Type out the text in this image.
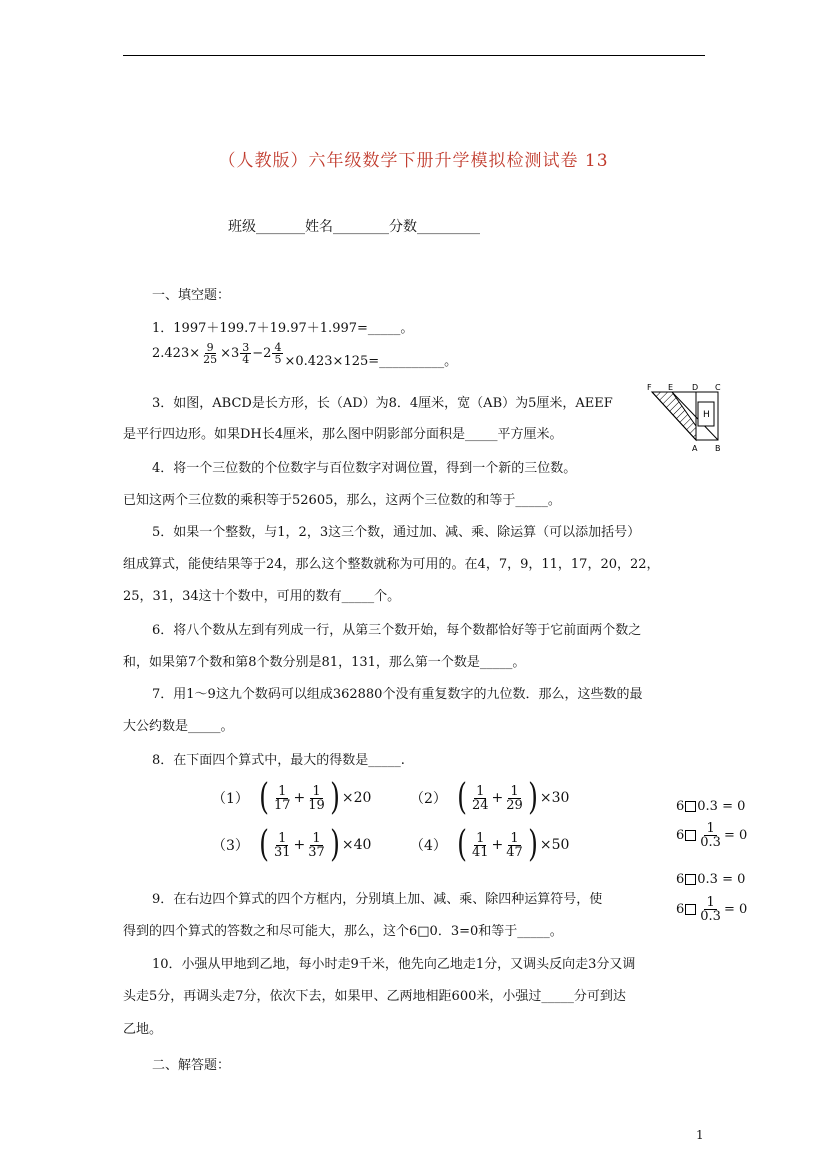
（人教版）六年级数学下册升学模拟检测试卷 13
班级_______姓名________分数_________
一、填空题：
1．1997＋199.7＋19.97＋1.997=_____。
$2.423\times \frac{9}{25} \times 3 \frac{3}{4} -2 \frac{4}{5}$ ×0.423×125=__________。
3．如图，ABCD是长方形，长（AD）为8．4厘米，宽（AB）为5厘米，AEEF
是平行四边形。如果DH长4厘米，那么图中阴影部分面积是_____平方厘米。
F E D C
H
A B
4．将一个三位数的个位数字与百位数字对调位置，得到一个新的三位数。
已知这两个三位数的乘积等于52605，那么，这两个三位数的和等于_____。
5．如果一个整数，与1，2，3这三个数，通过加、减、乘、除运算（可以添加括号）
组成算式，能使结果等于24，那么这个整数就称为可用的。在4，7，9，11，17，20，22，
25，31，34这十个数中，可用的数有_____个。
6．将八个数从左到有列成一行，从第三个数开始，每个数都恰好等于它前面两个数之
和，如果第7个数和第8个数分别是81，131，那么第一个数是_____。
7．用1～9这九个数码可以组成362880个没有重复数字的九位数．那么，这些数的最
大公约数是_____。
8．在下面四个算式中，最大的得数是_____.
（1） ( $\frac{1}{17} + \frac{1}{19}$ ) ×20	（2） ( $\frac{1}{24} + \frac{1}{29}$ ) ×30
（3） ( $\frac{1}{31} + \frac{1}{37}$ ) ×40	（4） ( $\frac{1}{41} + \frac{1}{47}$ ) ×50
6 0.3 = 0
$6 \frac{1}{0.3} = 0$
6 0.3 = 0
$6 \frac{1}{0.3} = 0$
9．在右边四个算式的四个方框内，分别填上加、减、乘、除四种运算符号，使
得到的四个算式的答数之和尽可能大，那么，这个6□0．3=0和等于_____。
10．小强从甲地到乙地，每小时走9千米，他先向乙地走1分，又调头反向走3分又调
头走5分，再调头走7分，依次下去，如果甲、乙两地相距600米，小强过_____分可到达
乙地。
二、解答题：
1
